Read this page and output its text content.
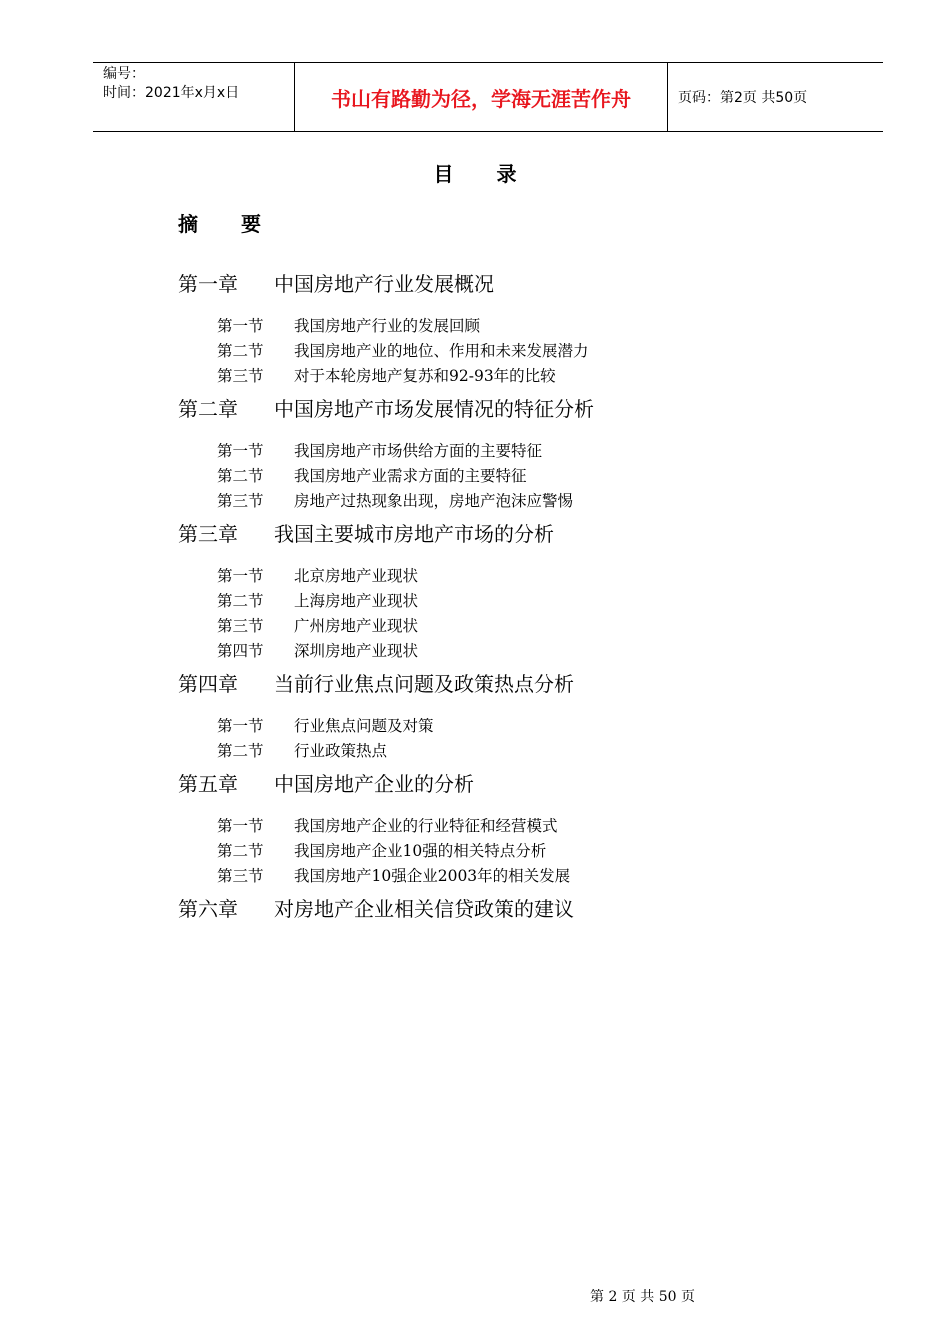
编号：
时间：2021年x月x日	书山有路勤为径，学海无涯苦作舟	页码：第2页 共50页
目 录
摘 要
第一章 中国房地产行业发展概况
第一节 我国房地产行业的发展回顾
第二节 我国房地产业的地位、作用和未来发展潜力
第三节 对于本轮房地产复苏和92-93年的比较
第二章 中国房地产市场发展情况的特征分析
第一节 我国房地产市场供给方面的主要特征
第二节 我国房地产业需求方面的主要特征
第三节 房地产过热现象出现，房地产泡沫应警惕
第三章 我国主要城市房地产市场的分析
第一节 北京房地产业现状
第二节 上海房地产业现状
第三节 广州房地产业现状
第四节 深圳房地产业现状
第四章 当前行业焦点问题及政策热点分析
第一节 行业焦点问题及对策
第二节 行业政策热点
第五章 中国房地产企业的分析
第一节 我国房地产企业的行业特征和经营模式
第二节 我国房地产企业10强的相关特点分析
第三节 我国房地产10强企业2003年的相关发展
第六章 对房地产企业相关信贷政策的建议
第 2 页 共 50 页
